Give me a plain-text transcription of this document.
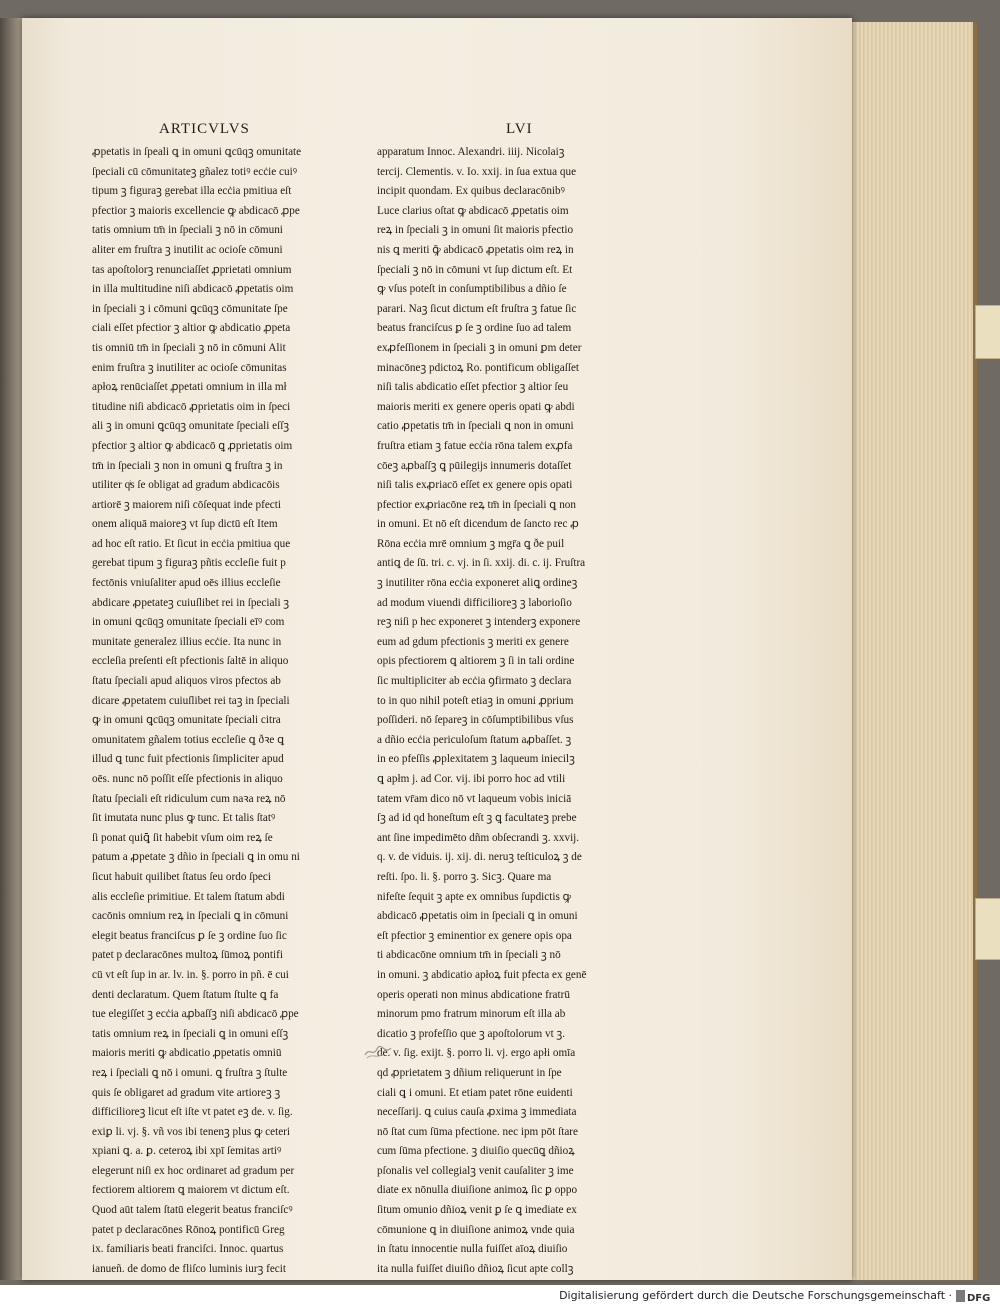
ARTICVLVS	LVI
ꝓpetatis in ſpeali ꝗ in omuni ꝗcūqꝫ omunitate
ſpeciali cū cōmunitateꝫ gñalez totiꝰ ecċie cuiꝰ
tipum ꝫ figuraꝫ gerebat illa ecċia pmitiua eſt
pfectior ꝫ maioris excellencie ꝙ abdicacō ꝓpe
tatis omnium tm̄ in ſpeciali ꝫ nō in cōmuni
aliter em fruſtra ꝫ inutilit ac ocioſe cōmuni
tas apoſtolorꝫ renunciaſſet ꝓprietati omnium
in illa multitudine niſi abdicacō ꝓpetatis oim
in ſpeciali ꝫ i cōmuni ꝗcūqꝫ cōmunitate ſpe
ciali eſſet pfectior ꝫ altior ꝙ abdicatio ꝓpeta
tis omniū tm̄ in ſpeciali ꝫ nō in cōmuni Alit
enim fruſtra ꝫ inutiliter ac ocioſe cōmunitas
apłoꝝ renūciaſſet ꝓpetati omnium in illa mł
titudine niſi abdicacō ꝓprietatis oim in ſpeci
ali ꝫ in omuni ꝗcūqꝫ omunitate ſpeciali eſſꝫ
pfectior ꝫ altior ꝙ abdicacō ꝗ ꝓprietatis oim
tm̄ in ſpeciali ꝫ non in omuni ꝗ fruſtra ꝫ in
utiliter qͥs ſe obligat ad gradum abdicacōis
artiorē ꝫ maiorem niſi cōſequat inde pfecti
onem aliquā maioreꝫ vt ſup dictū eſt Item
ad hoc eſt ratio. Et ſicut in ecċia pmitiua que
gerebat tipum ꝫ figuraꝫ pñtis eccleſie fuit p
fectōnis vniuſaliter apud oēs illius eccleſie
abdicare ꝓpetateꝫ cuiuſlibet rei in ſpeciali ꝫ
in omuni ꝗcūqꝫ omunitate ſpeciali eīꝰ com
munitate generalez illius ecċie. Ita nunc in
eccleſia preſenti eſt pfectionis ſaltē in aliquo
ſtatu ſpeciali apud aliquos viros pfectos ab
dicare ꝓpetatem cuiuſlibet rei taꝫ in ſpeciali
ꝙ in omuni ꝗcūqꝫ omunitate ſpeciali citra
omunitatem gñalem totius eccleſie ꝗ ðꝛe ꝗ
illud ꝗ tunc fuit pfectionis ſimpliciter apud
oēs. nunc nō poſſit eſſe pfectionis in aliquo
ſtatu ſpeciali eſt ridiculum cum naꝛa reꝝ nō
ſit imutata nunc plus ꝙ tunc. Et talis ſtatꝰ
ſi ponat quiꝗ̄ ſit habebit vſum oim reꝝ ſe
patum a ꝓpetate ꝫ dñio in ſpeciali ꝗ in omu ni
ſicut habuit quilibet ſtatus ſeu ordo ſpeci
alis eccleſie primitiue. Et talem ſtatum abdi
cacōnis omnium reꝝ in ſpeciali ꝗ in cōmuni
elegit beatus franciſcus ꝑ ſe ꝫ ordine ſuo ſic
patet p declaracōnes multoꝝ ſūmoꝝ pontifi
cū vt eſt ſup in ar. lv. in. §. porro in pñ. ē cui
denti declaratum. Quem ſtatum ſtulte ꝗ fa
tue elegiſſet ꝫ ecċia aꝓbaſſꝫ niſi abdicacō ꝓpe
tatis omnium reꝝ in ſpeciali ꝗ in omuni eſſꝫ
maioris meriti ꝙ abdicatio ꝓpetatis omniū
reꝝ i ſpeciali ꝗ nō i omuni. ꝗ fruſtra ꝫ ſtulte
quis ſe obligaret ad gradum vite artioreꝫ ꝫ
difficilioreꝫ licut eſt iſte vt patet eꝫ de. v. ſig.
exiꝑ li. vj. §. vñ vos ibi tenenꝫ plus ꝙ ceteri
xpiani ꝗ. a. ꝑ. ceteroꝝ ibi xpī ſemitas artiꝰ
elegerunt niſi ex hoc ordinaret ad gradum per
fectiorem altiorem ꝗ maiorem vt dictum eſt.
Quod aūt talem ſtatū elegerit beatus franciſcꝰ
patet p declaracōnes Rōnoꝝ pontificū Greg
ix. familiaris beati franciſci. Innoc. quartus
ianueñ. de domo de fliſco luminis iurꝫ fecit
apparatum Innoc. Alexandri. iiij. Nicolaiꝫ
tercij. Clementis. v. Io. xxij. in ſua extua que
incipit quondam. Ex quibus declaracōnibꝰ
Luce clarius oſtat ꝙ abdicacō ꝓpetatis oim
reꝝ in ſpeciali ꝫ in omuni ſit maioris pfectio
nis ꝗ meriti ꝙ̄ abdicacō ꝓpetatis oim reꝝ in
ſpeciali ꝫ nō in cōmuni vt ſup dictum eſt. Et
ꝙ vſus poteſt in conſumptibilibus a dñio ſe
parari. Naꝫ ſicut dictum eſt fruſtra ꝫ fatue ſic
beatus franciſcus ꝑ ſe ꝫ ordine ſuo ad talem
exꝓfeſſionem in ſpeciali ꝫ in omuni ꝑm deter
minacōneꝫ pdictoꝝ Ro. pontificum obligaſſet
niſi talis abdicatio eſſet pfectior ꝫ altior ſeu
maioris meriti ex genere operis opati ꝙ abdi
catio ꝓpetatis tm̄ in ſpeciali ꝗ non in omuni
fruſtra etiam ꝫ fatue ecċia rōna talem exꝓfa
cōeꝫ aꝓbaſſꝫ ꝗ pūilegijs innumeris dotaſſet
niſi talis exꝓriacō eſſet ex genere opis opati
pfectior exꝓriacōne reꝝ tm̄ in ſpeciali ꝗ non
in omuni. Et nō eſt dicendum de ſancto rec ꝓ
Rōna ecċia mrē omnium ꝫ mgr̄a ꝗ ðe puil
antiꝗ de ſū. tri. c. vj. in ſi. xxij. di. c. ij. Fruſtra
ꝫ inutiliter rōna ecċia exponeret aliꝗ ordineꝫ
ad modum viuendi difficilioreꝫ ꝫ laborioſio
reꝫ niſi p hec exponeret ꝫ intenderꝫ exponere
eum ad gdum pfectionis ꝫ meriti ex genere
opis pfectiorem ꝗ altiorem ꝫ ſi in tali ordine
ſic multipliciter ab ecċia ꝯfirmato ꝫ declara
to in quo nihil poteſt etiaꝫ in omuni ꝓprium
poſſideri. nō ſepareꝫ in cōſumptibilibus vſus
a dñio ecċia periculoſum ſtatum aꝓbaſſet. ꝫ
in eo pfeſſis ꝓplexitatem ꝫ laqueum iniecilꝫ
ꝗ apłm j. ad Cor. vij. ibi porro hoc ad vtili
tatem vr̄am dico nō vt laqueum vobis iniciā
ſꝫ ad id qd honeſtum eſt ꝫ ꝗ facultateꝫ prebe
ant ſine impedimēto dñm obſecrandi ꝫ. xxvij.
q. v. de viduis. ij. xij. di. neruꝫ teſticuloꝝ ꝫ de
reſti. ſpo. li. §. porro ꝫ. Sicꝫ. Quare ma
nifeſte ſequit ꝫ apte ex omnibus ſupdictis ꝙ
abdicacō ꝓpetatis oim in ſpeciali ꝗ in omuni
eſt pfectior ꝫ eminentior ex genere opis opa
ti abdicacōne omnium tm̄ in ſpeciali ꝫ nō
in omuni. ꝫ abdicatio apłoꝝ fuit pfecta ex genē
operis operati non minus abdicatione fratrū
minorum pmo fratrum minorum eſt illa ab
dicatio ꝫ profeſſio que ꝫ apoſtolorum vt ꝫ.
de. v. ſig. exijt. §. porro li. vj. ergo apłi omīa
qd ꝓprietatem ꝫ dñium reliquerunt in ſpe
ciali ꝗ i omuni. Et etiam patet rōne euidenti
neceſſarij. ꝗ cuius cauſa ꝓxima ꝫ immediata
nō ſtat cum ſūma pfectione. nec ipm pōt ſtare
cum ſūma pfectione. ꝫ diuiſio quecūꝗ dñioꝝ
pſonalis vel collegialꝫ venit cauſaliter ꝫ ime
diate ex nōnulla diuiſione animoꝝ ſic ꝑ oppo
ſitum omunio dñioꝝ venit ꝑ ſe ꝗ imediate ex
cōmunione ꝗ in diuiſione animoꝝ vnde quia
in ſtatu innocentie nulla fuiſſet aīoꝝ diuiſio
ita nulla fuiſſet diuiſio dñioꝝ ſicut apte collꝫ
Digitalisierung gefördert durch die Deutsche Forschungsgemeinschaft · DFG
